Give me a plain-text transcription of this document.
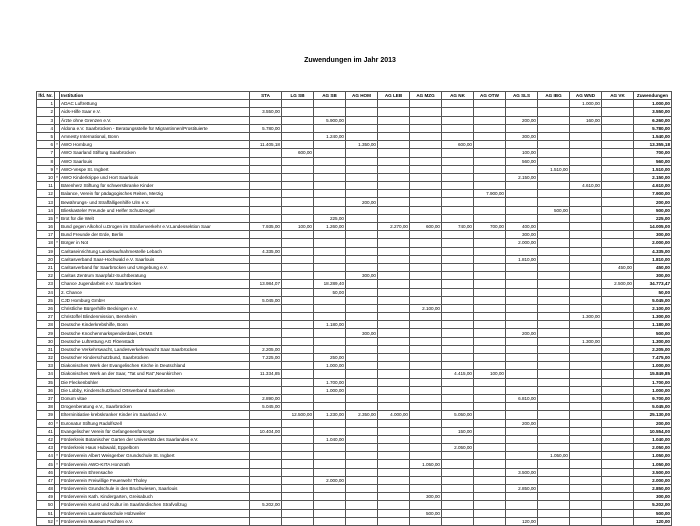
Zuwendungen im Jahr 2013
lfd. Nr.		Institution	STA	LG SB	AG SB	AG HOM	AG LEB	AG MZG	AG NK	AG OTW	AG SLS	AG IBG	AG WND	AG VK	Zuwendungen
1		ADAC Luftrettung											1.000,00		1.000,00
2		Aids-Hilfe Saar e.V.	3.550,00												3.550,00
3		Ärzte ohne Grenzen e.V.			5.900,00						200,00		160,00		6.260,00
4		Aldona e.V. Saarbrücken - Beratungsstelle für Migrantinnen/Prostituierte	5.780,00												5.780,00
5		Amnesty International, Bonn			1.240,00						300,00				1.540,00
6	*	AWO Homburg	11.405,18			1.350,00			600,00						13.355,18
7		AWO Saarland Stiftung Saarbrücken		600,00							100,00				700,00
8		AWO Saarlouis									560,00				560,00
9	*	AWO-Vespe St. Ingbert										1.510,00			1.510,00
10	*	AWO Kinderkrippe und Hort Saarlouis									2.150,00				2.150,00
11		Bärenherz Stiftung für schwerstkranke Kinder											4.610,00		4.610,00
12		Balance, Verein für pädagogisches Reiten, Merzig								7.900,00					7.900,00
13		Bewährungs- und Straffälligenhilfe Ulm e.V.				200,00									200,00
14		Blieskasteler Freunde und Helfer Schutzengel										500,00			500,00
15	*	Brot für die Welt			225,00										225,00
16		Bund gegen Alkohol u.Drogen im Straßenverkehr e.V.Landessektion Saar	7.935,00	100,00	1.260,00		2.270,00	600,00	740,00	700,00	400,00				14.005,00
17		Bund Freunde der Erde, Berlin									300,00				300,00
18	*	Bürger in Not									2.000,00				2.000,00
19		Caritaseinrichtung Landesaufnahmestelle Lebach	4.335,00												4.335,00
20		Caritasverband Saar-Hochwald e.V. Saarlouis									1.810,00				1.810,00
21		Caritasverband für Saarbrücken und Umgebung e.V.												450,00	450,00
22		Caritas Zentrum Saarpfalz-Suchtberatung				300,00									300,00
23		Chance Jugendarbeit e.V. Saarbrücken	13.984,07		18.289,40									2.500,00	34.773,47
24		2. Chance			50,00										50,00
25		CJD Homburg GmbH	5.045,00												5.045,00
26		Christliche Bürgerhilfe Beckingen e.V.						2.100,00							2.100,00
27		Christoffel Blindenmission, Bensheim											1.300,00		1.300,00
28		Deutsche Kinderkrebshilfe, Bonn			1.180,00										1.180,00
29		Deutsche Knochenmarkspenderdatei, DKMS				300,00					200,00				500,00
30		Deutsche Luftrettung AG Flöenstadt											1.300,00		1.300,00
31		Deutsche Verkehrswacht, Landesverkehrswacht Saar Saarbrücken	2.205,00												2.205,00
32		Deutscher Kinderschutzbund, Saarbrücken	7.225,00		250,00										7.475,00
33		Diakonisches Werk der Evangelischen Kirche in Deutschland			1.000,00										1.000,00
34		Diakonisches Werk an der Saar, "Tat und Rat",Neunkirchen	11.334,85						4.415,00	100,00					15.849,85
35		Die Fleckenbühler			1.700,00										1.700,00
36		Die Lobby, Kinderschutzbund Ortsverband Saarbrücken			1.000,00										1.000,00
37		Donum vitae	2.890,00								6.810,00				9.700,00
38		Drogenberatung e.V., Saarbrücken	5.045,00												5.045,00
39		Elterninitiative krebskranker Kinder im Saarland e.V.		12.500,00	1.230,00	2.350,00	4.000,00		5.050,00						25.130,00
40	*	Euronatur Stiftung Radolfszell									200,00				200,00
41		Evangelischer Verein für Gefangenenfürsorge	10.404,00						150,00						10.554,00
42		Förderkreis Botanischer Garten der Universität des Saarlandes e.V.			1.040,00										1.040,00
43		Förderkreis Haus Hubwald, Eppelborn							2.050,00						2.050,00
44	*	Förderverein Albert Weisgerber Grundschule St. Ingbert										1.050,00			1.050,00
45	*	Förderverein AWO-KITA Honzrath						1.050,00							1.050,00
46		Förderverein Ehrensache									3.500,00				3.500,00
47		Förderverein Freiwillige Feuerwehr Tholey			2.000,00										2.000,00
48		Förderverein Grundschule in den Bruchwiesen, Saarlouis									2.850,00				2.850,00
49		Förderverein Kath. Kindergarten, Greisabuch						300,00							300,00
50		Förderverein Kunst und Kultur im Saarländischen Strafvollzug	5.202,00												5.202,00
51		Förderverein Laurentiusschule Hülzweiler						500,00							500,00
52	*	Förderverein Museum Pachten e.V.									120,00				120,00
